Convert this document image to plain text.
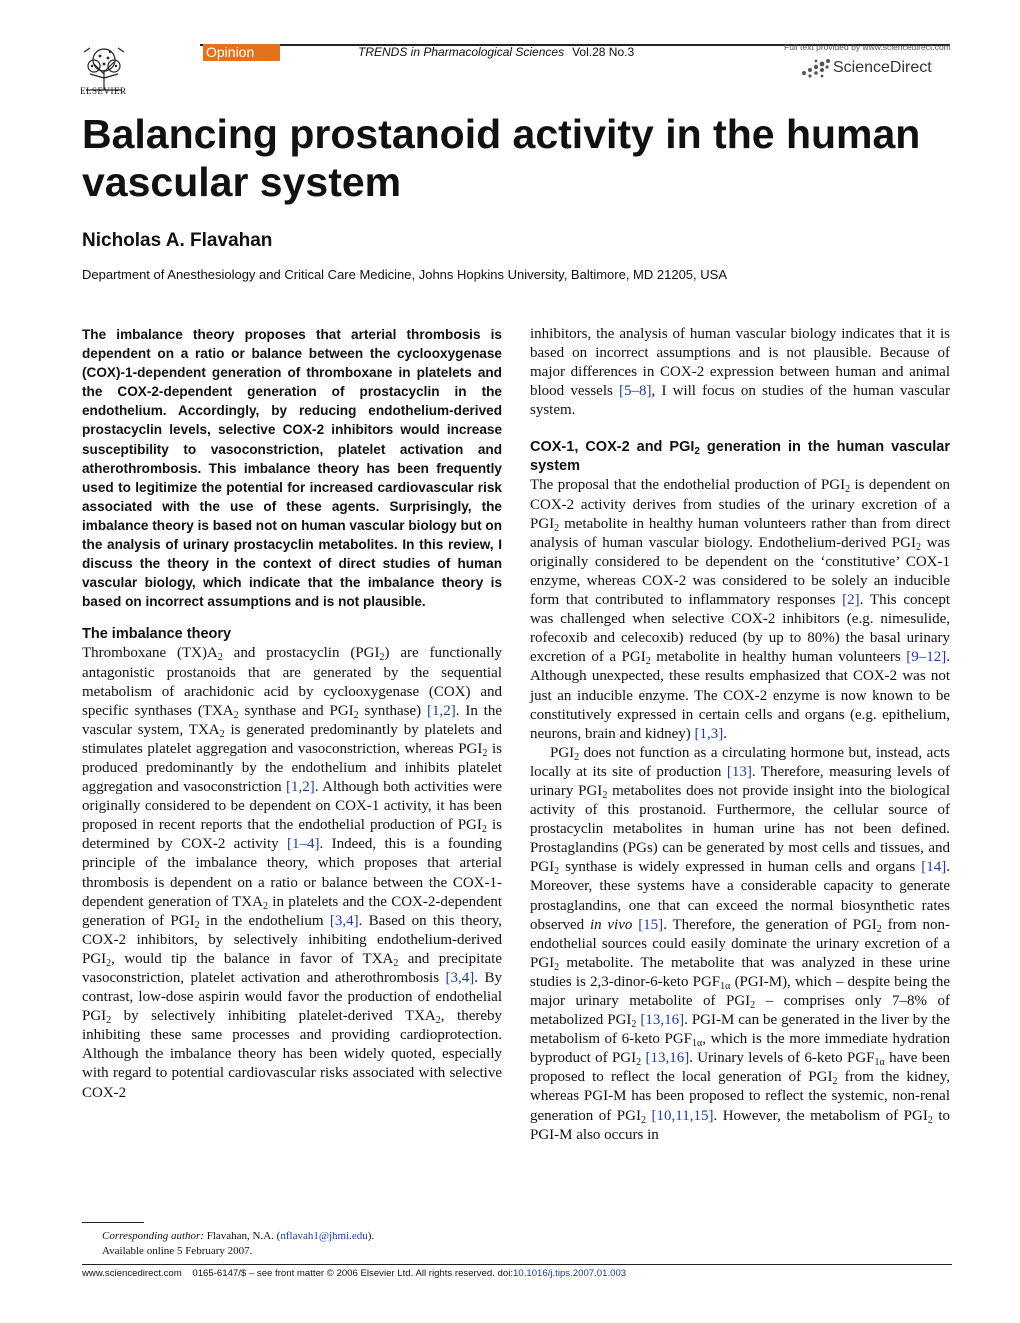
ELSEVIER
Opinion	TRENDS in Pharmacological Sciences Vol.28 No.3	Full text provided by www.sciencedirect.com
ScienceDirect
Balancing prostanoid activity in the human vascular system
Nicholas A. Flavahan
Department of Anesthesiology and Critical Care Medicine, Johns Hopkins University, Baltimore, MD 21205, USA

The imbalance theory proposes that arterial thrombosis is dependent on a ratio or balance between the cyclooxygenase (COX)-1-dependent generation of thromboxane in platelets and the COX-2-dependent generation of prostacyclin in the endothelium. Accordingly, by reducing endothelium-derived prostacyclin levels, selective COX-2 inhibitors would increase susceptibility to vasoconstriction, platelet activation and atherothrombosis. This imbalance theory has been frequently used to legitimize the potential for increased cardiovascular risk associated with the use of these agents. Surprisingly, the imbalance theory is based not on human vascular biology but on the analysis of urinary prostacyclin metabolites. In this review, I discuss the theory in the context of direct studies of human vascular biology, which indicate that the imbalance theory is based on incorrect assumptions and is not plausible.

The imbalance theory

Thromboxane $(TX)A_2$ and prostacyclin $(PGI_2)$ are functionally antagonistic prostanoids that are generated by the sequential metabolism of arachidonic acid by cyclooxygenase (COX) and specific synthases ($TXA_2$ synthase and $PGI_2$ synthase) [1,2]. In the vascular system, $TXA_2$ is generated predominantly by platelets and stimulates platelet aggregation and vasoconstriction, whereas $PGI_2$ is produced predominantly by the endothelium and inhibits platelet aggregation and vasoconstriction [1,2]. Although both activities were originally considered to be dependent on COX-1 activity, it has been proposed in recent reports that the endothelial production of $PGI_2$ is determined by COX-2 activity [1–4]. Indeed, this is a founding principle of the imbalance theory, which proposes that arterial thrombosis is dependent on a ratio or balance between the COX-1-dependent generation of $TXA_2$ in platelets and the COX-2-dependent generation of $PGI_2$ in the endothelium [3,4]. Based on this theory, COX-2 inhibitors, by selectively inhibiting endothelium-derived $PGI_2$, would tip the balance in favor of $TXA_2$ and precipitate vasoconstriction, platelet activation and atherothrombosis [3,4]. By contrast, low-dose aspirin would favor the production of endothelial $PGI_2$ by selectively inhibiting platelet-derived $TXA_2$, thereby inhibiting these same processes and providing cardioprotection. Although the imbalance theory has been widely quoted, especially with regard to potential cardiovascular risks associated with selective COX-2

inhibitors, the analysis of human vascular biology indicates that it is based on incorrect assumptions and is not plausible. Because of major differences in COX-2 expression between human and animal blood vessels [5–8], I will focus on studies of the human vascular system.

COX-1, COX-2 and $PGI_2$ generation in the human vascular system

The proposal that the endothelial production of $PGI_2$ is dependent on COX-2 activity derives from studies of the urinary excretion of a $PGI_2$ metabolite in healthy human volunteers rather than from direct analysis of human vascular biology. Endothelium-derived $PGI_2$ was originally considered to be dependent on the ‘constitutive’ COX-1 enzyme, whereas COX-2 was considered to be solely an inducible form that contributed to inflammatory responses [2]. This concept was challenged when selective COX-2 inhibitors (e.g. nimesulide, rofecoxib and celecoxib) reduced (by up to 80%) the basal urinary excretion of a $PGI_2$ metabolite in healthy human volunteers [9–12]. Although unexpected, these results emphasized that COX-2 was not just an inducible enzyme. The COX-2 enzyme is now known to be constitutively expressed in certain cells and organs (e.g. epithelium, neurons, brain and kidney) [1,3].

$PGI_2$ does not function as a circulating hormone but, instead, acts locally at its site of production [13]. Therefore, measuring levels of urinary $PGI_2$ metabolites does not provide insight into the biological activity of this prostanoid. Furthermore, the cellular source of prostacyclin metabolites in human urine has not been defined. Prostaglandins (PGs) can be generated by most cells and tissues, and $PGI_2$ synthase is widely expressed in human cells and organs [14]. Moreover, these systems have a considerable capacity to generate prostaglandins, one that can exceed the normal biosynthetic rates observed in vivo [15]. Therefore, the generation of $PGI_2$ from non-endothelial sources could easily dominate the urinary excretion of a $PGI_2$ metabolite. The metabolite that was analyzed in these urine studies is 2,3-dinor-6-keto $PGF_{1\alpha}$ (PGI-M), which – despite being the major urinary metabolite of $PGI_2$ – comprises only 7–8% of metabolized $PGI_2$ [13,16]. PGI-M can be generated in the liver by the metabolism of 6-keto $PGF_{1\alpha}$, which is the more immediate hydration byproduct of $PGI_2$ [13,16]. Urinary levels of 6-keto $PGF_{1\alpha}$ have been proposed to reflect the local generation of $PGI_2$ from the kidney, whereas PGI-M has been proposed to reflect the systemic, non-renal generation of $PGI_2$ [10,11,15]. However, the metabolism of $PGI_2$ to PGI-M also occurs in

Corresponding author: Flavahan, N.A. (nflavah1@jhmi.edu).
Available online 5 February 2007.
www.sciencedirect.com 0165-6147/$ – see front matter © 2006 Elsevier Ltd. All rights reserved. doi:10.1016/j.tips.2007.01.003
